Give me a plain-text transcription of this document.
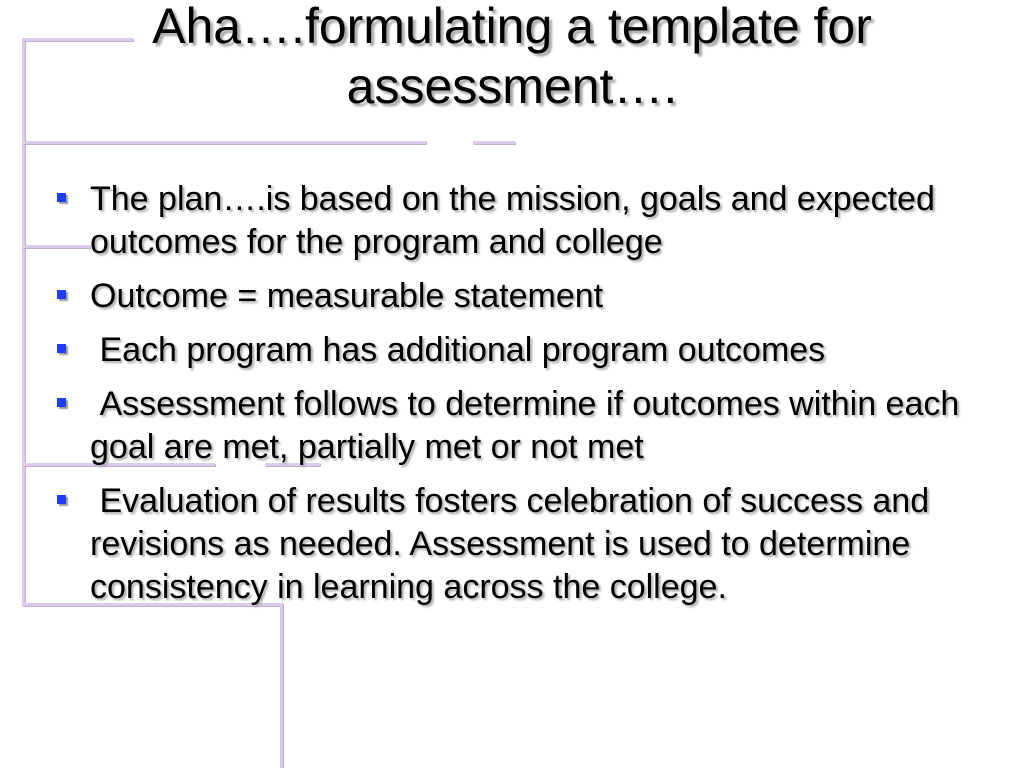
Aha….formulating a template for assessment….
The plan….is based on the mission, goals and expected outcomes for the program and college
Outcome = measurable statement
Each program has additional program outcomes
Assessment follows to determine if outcomes within each goal are met, partially met or not met
Evaluation of results fosters celebration of success and revisions as needed. Assessment is used to determine consistency in learning across the college.
